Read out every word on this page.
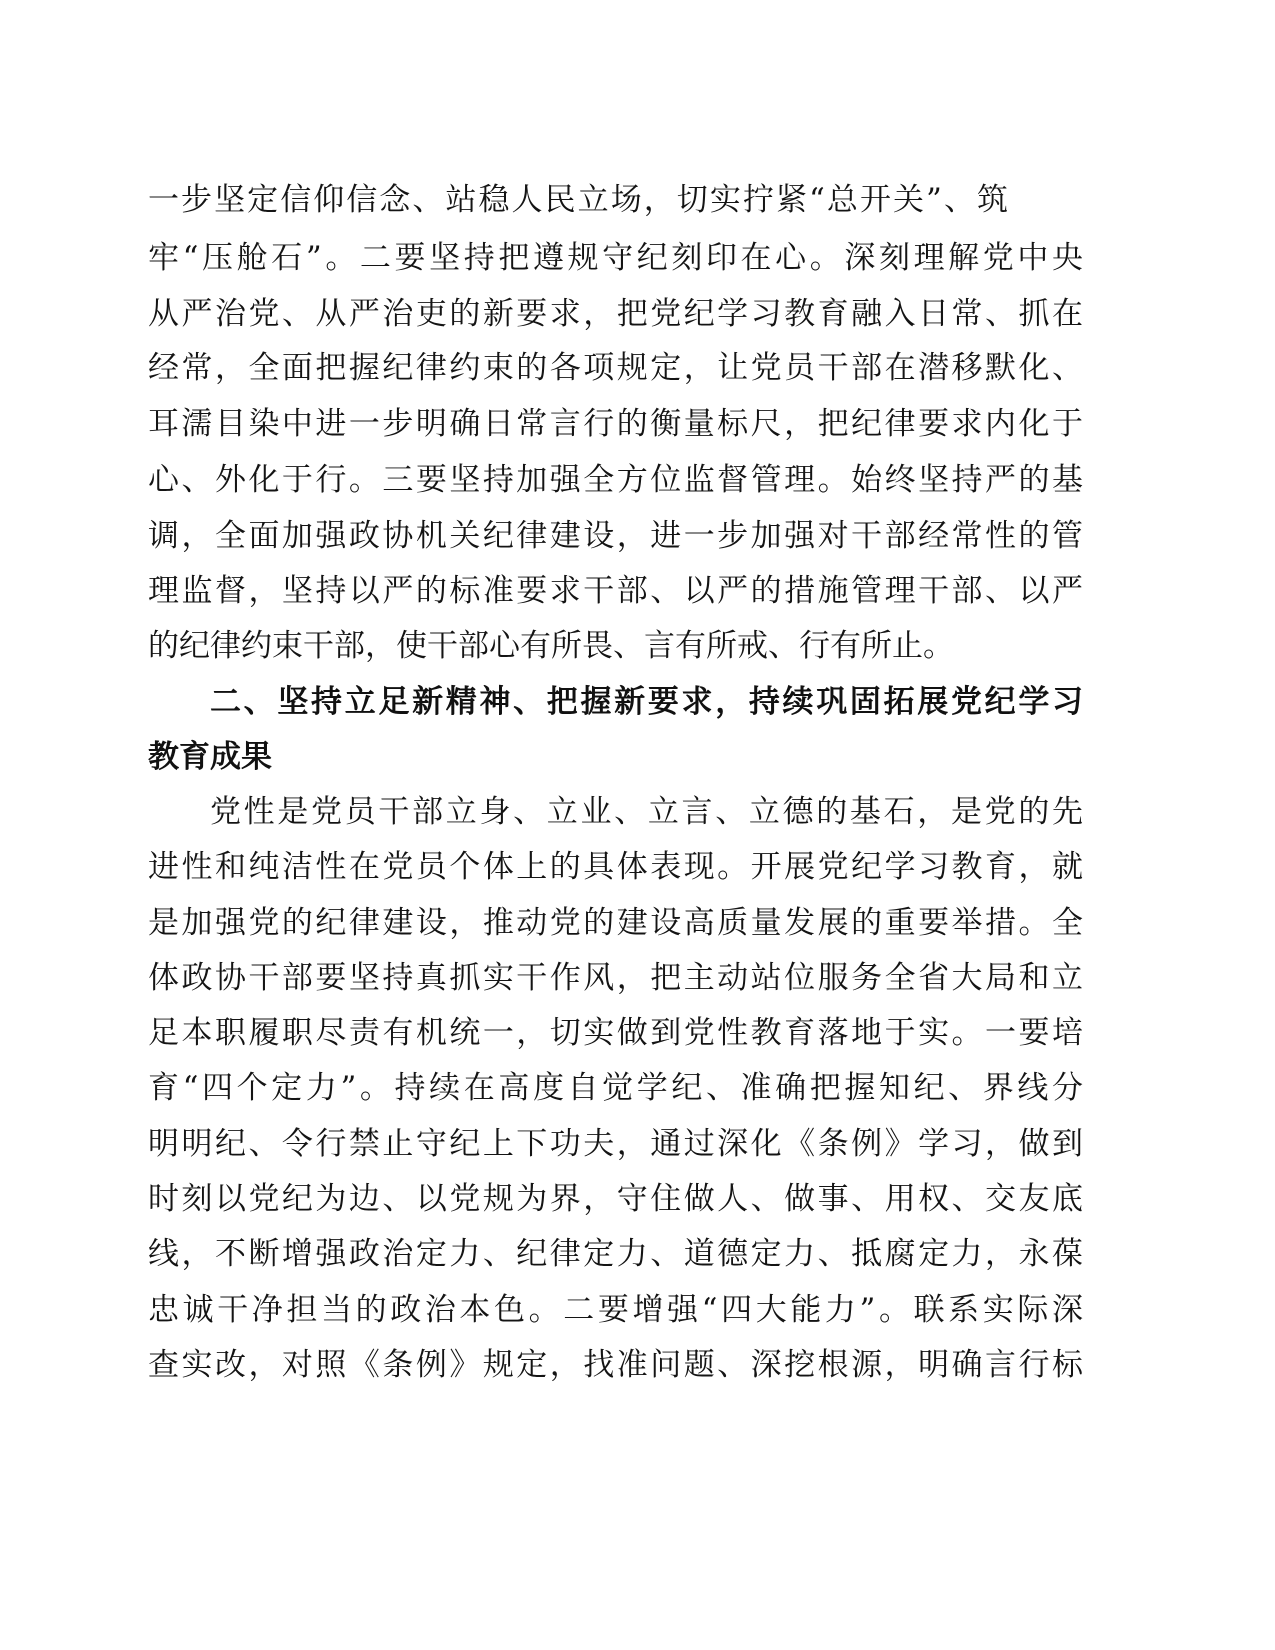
一步坚定信仰信念、站稳人民立场，切实拧紧“总开关”、筑
牢“压舱石”。二要坚持把遵规守纪刻印在心。深刻理解党中央
从严治党、从严治吏的新要求，把党纪学习教育融入日常、抓在
经常，全面把握纪律约束的各项规定，让党员干部在潜移默化、
耳濡目染中进一步明确日常言行的衡量标尺，把纪律要求内化于
心、外化于行。三要坚持加强全方位监督管理。始终坚持严的基
调，全面加强政协机关纪律建设，进一步加强对干部经常性的管
理监督，坚持以严的标准要求干部、以严的措施管理干部、以严
的纪律约束干部，使干部心有所畏、言有所戒、行有所止。
二、坚持立足新精神、把握新要求，持续巩固拓展党纪学习
教育成果
党性是党员干部立身、立业、立言、立德的基石，是党的先
进性和纯洁性在党员个体上的具体表现。开展党纪学习教育，就
是加强党的纪律建设，推动党的建设高质量发展的重要举措。全
体政协干部要坚持真抓实干作风，把主动站位服务全省大局和立
足本职履职尽责有机统一，切实做到党性教育落地于实。一要培
育“四个定力”。持续在高度自觉学纪、准确把握知纪、界线分
明明纪、令行禁止守纪上下功夫，通过深化《条例》学习，做到
时刻以党纪为边、以党规为界，守住做人、做事、用权、交友底
线，不断增强政治定力、纪律定力、道德定力、抵腐定力，永葆
忠诚干净担当的政治本色。二要增强“四大能力”。联系实际深
查实改，对照《条例》规定，找准问题、深挖根源，明确言行标
